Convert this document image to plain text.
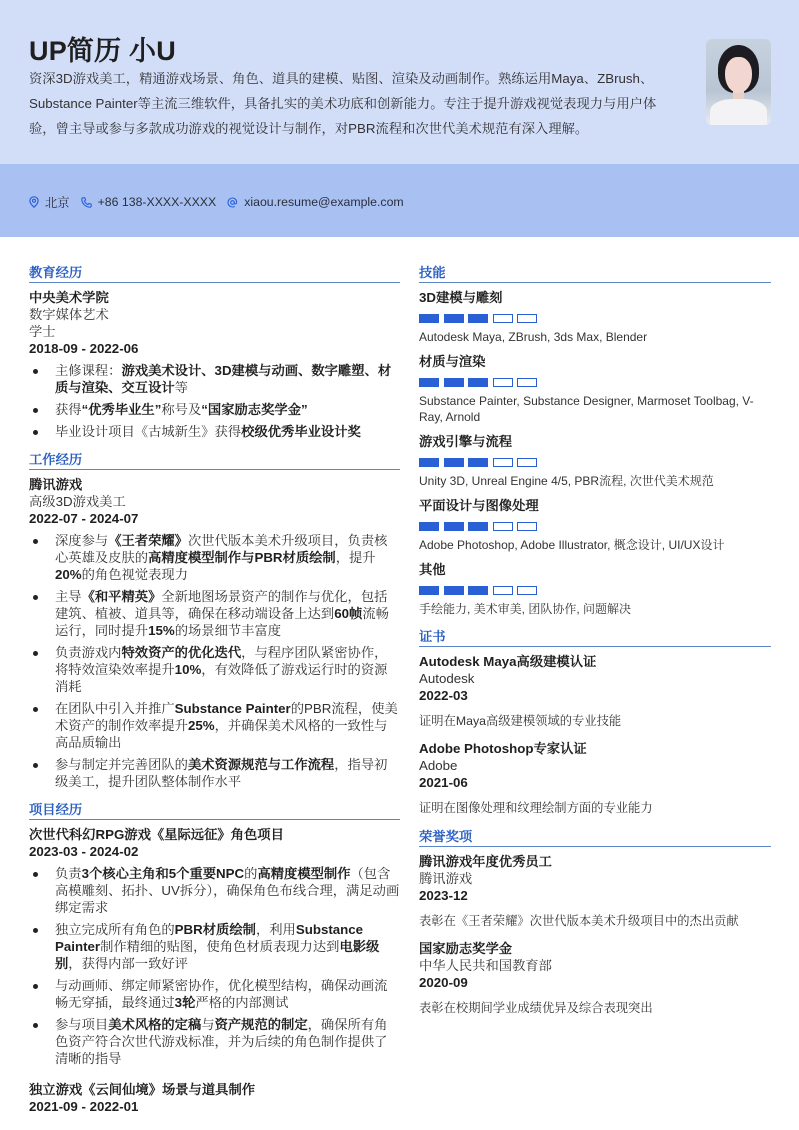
UP简历 小U
资深3D游戏美工，精通游戏场景、角色、道具的建模、贴图、渲染及动画制作。熟练运用Maya、ZBrush、Substance Painter等主流三维软件，具备扎实的美术功底和创新能力。专注于提升游戏视觉表现力与用户体验，曾主导或参与多款成功游戏的视觉设计与制作，对PBR流程和次世代美术规范有深入理解。
北京 +86 138-XXXX-XXXX xiaou.resume@example.com
教育经历
中央美术学院
数字媒体艺术
学士
2018-09 - 2022-06
主修课程：游戏美术设计、3D建模与动画、数字雕塑、材质与渲染、交互设计等
获得“优秀毕业生”称号及“国家励志奖学金”
毕业设计项目《古城新生》获得校级优秀毕业设计奖
工作经历
腾讯游戏
高级3D游戏美工
2022-07 - 2024-07
深度参与《王者荣耀》次世代版本美术升级项目，负责核心英雄及皮肤的高精度模型制作与PBR材质绘制，提升20%的角色视觉表现力
主导《和平精英》全新地图场景资产的制作与优化，包括建筑、植被、道具等，确保在移动端设备上达到60帧流畅运行，同时提升15%的场景细节丰富度
负责游戏内特效资产的优化迭代，与程序团队紧密协作，将特效渲染效率提升10%，有效降低了游戏运行时的资源消耗
在团队中引入并推广Substance Painter的PBR流程，使美术资产的制作效率提升25%，并确保美术风格的一致性与高品质输出
参与制定并完善团队的美术资源规范与工作流程，指导初级美工，提升团队整体制作水平
项目经历
次世代科幻RPG游戏《星际远征》角色项目
2023-03 - 2024-02
负责3个核心主角和5个重要NPC的高精度模型制作（包含高模雕刻、拓扑、UV拆分），确保角色布线合理，满足动画绑定需求
独立完成所有角色的PBR材质绘制，利用Substance Painter制作精细的贴图，使角色材质表现力达到电影级别，获得内部一致好评
与动画师、绑定师紧密协作，优化模型结构，确保动画流畅无穿插，最终通过3轮严格的内部测试
参与项目美术风格的定稿与资产规范的制定，确保所有角色资产符合次世代游戏标准，并为后续的角色制作提供了清晰的指导
独立游戏《云间仙境》场景与道具制作
2021-09 - 2022-01
技能
3D建模与雕刻
Autodesk Maya, ZBrush, 3ds Max, Blender
材质与渲染
Substance Painter, Substance Designer, Marmoset Toolbag, V-Ray, Arnold
游戏引擎与流程
Unity 3D, Unreal Engine 4/5, PBR流程, 次世代美术规范
平面设计与图像处理
Adobe Photoshop, Adobe Illustrator, 概念设计, UI/UX设计
其他
手绘能力, 美术审美, 团队协作, 问题解决
证书
Autodesk Maya高级建模认证
Autodesk
2022-03
证明在Maya高级建模领域的专业技能
Adobe Photoshop专家认证
Adobe
2021-06
证明在图像处理和纹理绘制方面的专业能力
荣誉奖项
腾讯游戏年度优秀员工
腾讯游戏
2023-12
表彰在《王者荣耀》次世代版本美术升级项目中的杰出贡献
国家励志奖学金
中华人民共和国教育部
2020-09
表彰在校期间学业成绩优异及综合表现突出
